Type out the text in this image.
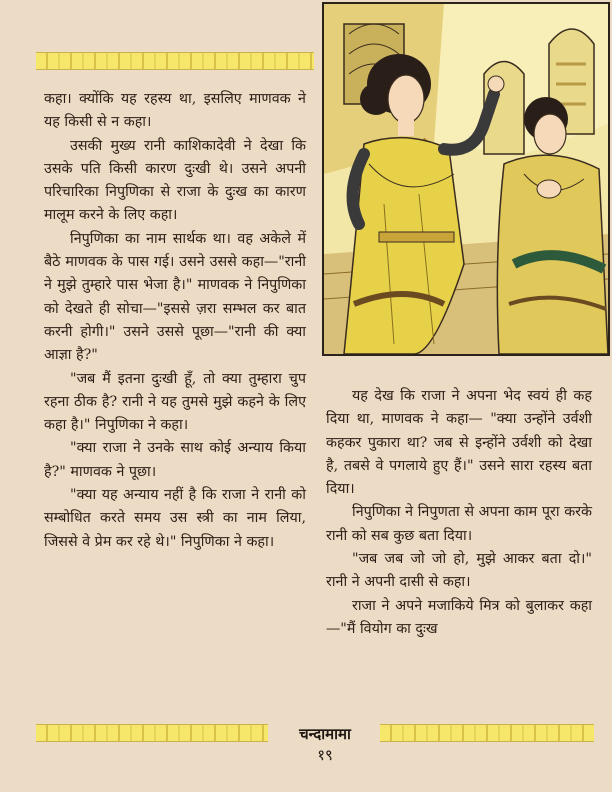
कहा। क्योंकि यह रहस्य था, इसलिए माणवक ने यह किसी से न कहा।

उसकी मुख्य रानी काशिकादेवी ने देखा कि उसके पति किसी कारण दुःखी थे। उसने अपनी परिचारिका निपुणिका से राजा के दुःख का कारण मालूम करने के लिए कहा।

निपुणिका का नाम सार्थक था। वह अकेले में बैठे माणवक के पास गई। उसने उससे कहा—"रानी ने मुझे तुम्हारे पास भेजा है।" माणवक ने निपुणिका को देखते ही सोचा—"इससे ज़रा सम्भल कर बात करनी होगी।" उसने उससे पूछा—"रानी की क्या आज्ञा है?"

"जब मैं इतना दुःखी हूँ, तो क्या तुम्हारा चुप रहना ठीक है? रानी ने यह तुमसे मुझे कहने के लिए कहा है।" निपुणिका ने कहा।

"क्या राजा ने उनके साथ कोई अन्याय किया है?" माणवक ने पूछा।

"क्या यह अन्याय नहीं है कि राजा ने रानी को सम्बोधित करते समय उस स्त्री का नाम लिया, जिससे वे प्रेम कर रहे थे।" निपुणिका ने कहा।

यह देख कि राजा ने अपना भेद स्वयं ही कह दिया था, माणवक ने कहा— "क्या उन्होंने उर्वशी कहकर पुकारा था? जब से इन्होंने उर्वशी को देखा है, तबसे वे पगलाये हुए हैं।" उसने सारा रहस्य बता दिया।

निपुणिका ने निपुणता से अपना काम पूरा करके रानी को सब कुछ बता दिया।

"जब जब जो जो हो, मुझे आकर बता दो।" रानी ने अपनी दासी से कहा।

राजा ने अपने मजाकिये मित्र को बुलाकर कहा—"मैं वियोग का दुःख

चन्दामामा
१९
